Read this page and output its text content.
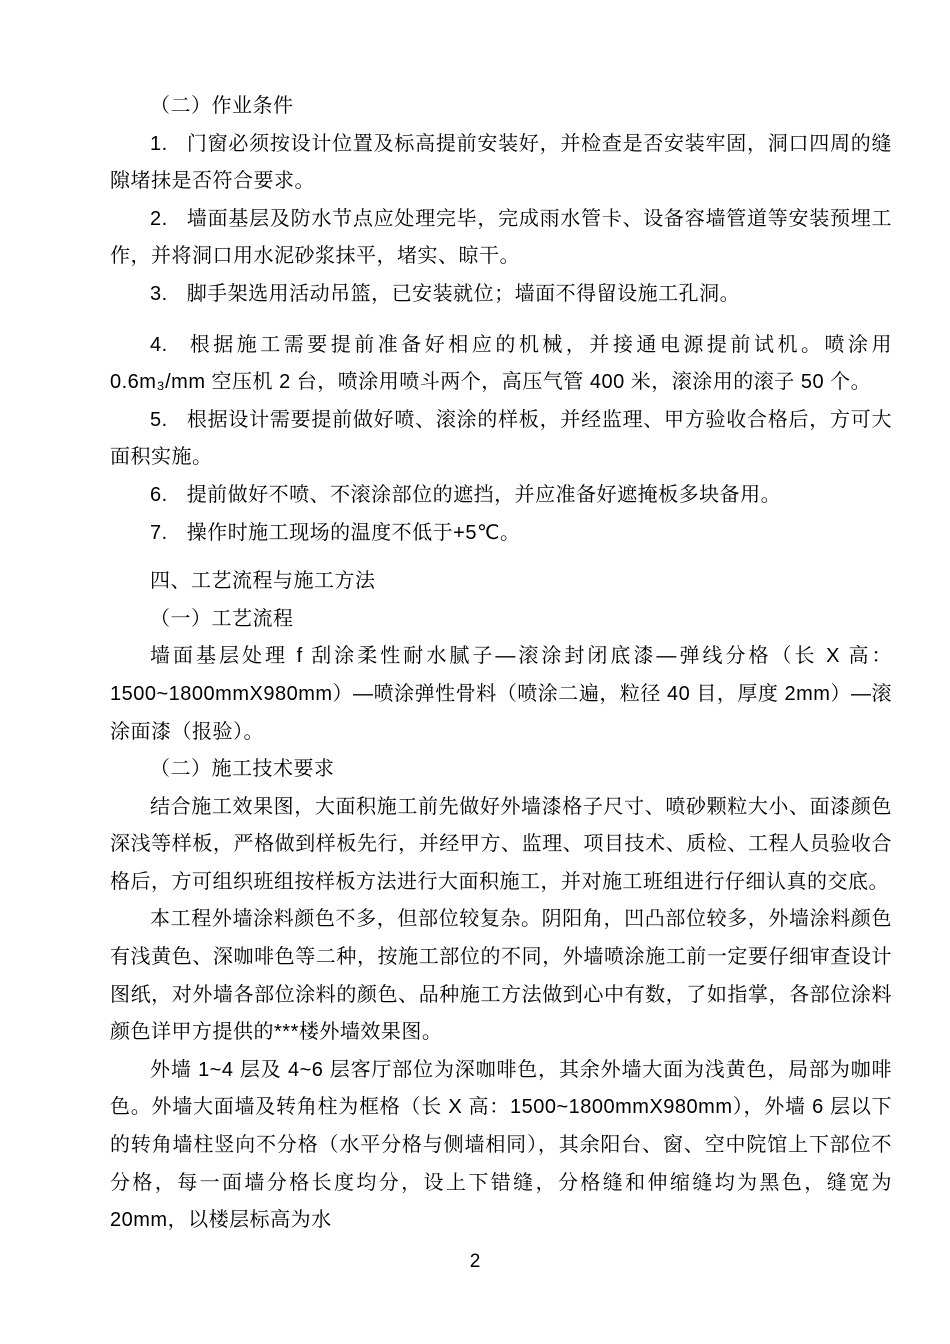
（二）作业条件

1. 门窗必须按设计位置及标高提前安装好，并检查是否安装牢固，洞口四周的缝隙堵抹是否符合要求。

2. 墙面基层及防水节点应处理完毕，完成雨水管卡、设备容墙管道等安装预埋工作，并将洞口用水泥砂浆抹平，堵实、晾干。

3. 脚手架选用活动吊篮，已安装就位；墙面不得留设施工孔洞。

4. 根据施工需要提前准备好相应的机械，并接通电源提前试机。喷涂用 0.6m₃/mm 空压机 2 台，喷涂用喷斗两个，高压气管 400 米，滚涂用的滚子 50 个。

5. 根据设计需要提前做好喷、滚涂的样板，并经监理、甲方验收合格后，方可大面积实施。

6. 提前做好不喷、不滚涂部位的遮挡，并应准备好遮掩板多块备用。

7. 操作时施工现场的温度不低于+5℃。

四、工艺流程与施工方法

（一）工艺流程

墙面基层处理 f 刮涂柔性耐水腻子—滚涂封闭底漆—弹线分格（长 X 高：1500~1800mmX980mm）—喷涂弹性骨料（喷涂二遍，粒径 40 目，厚度 2mm）—滚涂面漆（报验）。

（二）施工技术要求

结合施工效果图，大面积施工前先做好外墙漆格子尺寸、喷砂颗粒大小、面漆颜色深浅等样板，严格做到样板先行，并经甲方、监理、项目技术、质检、工程人员验收合格后，方可组织班组按样板方法进行大面积施工，并对施工班组进行仔细认真的交底。

本工程外墙涂料颜色不多，但部位较复杂。阴阳角，凹凸部位较多，外墙涂料颜色有浅黄色、深咖啡色等二种，按施工部位的不同，外墙喷涂施工前一定要仔细审查设计图纸，对外墙各部位涂料的颜色、品种施工方法做到心中有数，了如指掌，各部位涂料颜色详甲方提供的***楼外墙效果图。

外墙 1~4 层及 4~6 层客厅部位为深咖啡色，其余外墙大面为浅黄色，局部为咖啡色。外墙大面墙及转角柱为框格（长 X 高：1500~1800mmX980mm），外墙 6 层以下的转角墙柱竖向不分格（水平分格与侧墙相同），其余阳台、窗、空中院馆上下部位不分格，每一面墙分格长度均分，设上下错缝，分格缝和伸缩缝均为黑色，缝宽为 20mm，以楼层标高为水

2
